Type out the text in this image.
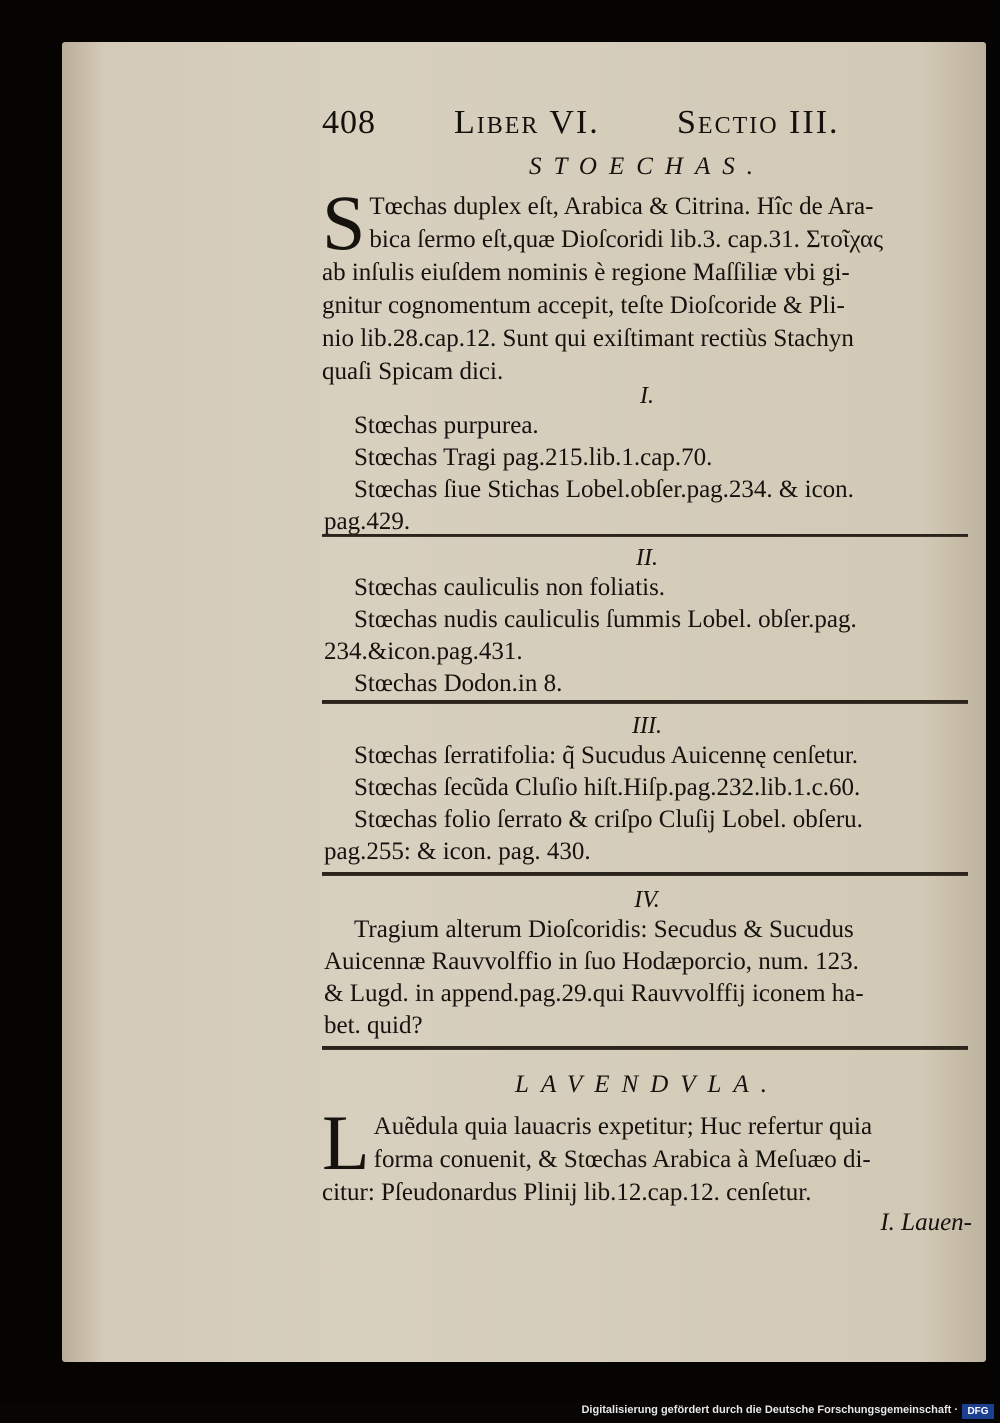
408 Liber VI. Sectio III.
STOECHAS.
S Tœchas duplex eſt, Arabica & Citrina. Hîc de Ara-
bica ſermo eſt,quæ Dioſcoridi lib.3. cap.31. Στοῖχας
ab inſulis eiuſdem nominis è regione Maſſiliæ vbi gi-
gnitur cognomentum accepit, teſte Dioſcoride & Pli-
nio lib.28.cap.12. Sunt qui exiſtimant rectiùs Stachyn
quaſi Spicam dici.
I.
Stœchas purpurea.
Stœchas Tragi pag.215.lib.1.cap.70.
Stœchas ſiue Stichas Lobel.obſer.pag.234. & icon.
pag.429.
II.
Stœchas cauliculis non foliatis.
Stœchas nudis cauliculis ſummis Lobel. obſer.pag.
234.&icon.pag.431.
Stœchas Dodon.in 8.
III.
Stœchas ſerratifolia: q̃ Sucudus Auicennę cenſetur.
Stœchas ſecũda Cluſio hiſt.Hiſp.pag.232.lib.1.c.60.
Stœchas folio ſerrato & criſpo Cluſij Lobel. obſeru.
pag.255: & icon. pag. 430.
IV.
Tragium alterum Dioſcoridis: Secudus & Sucudus
Auicennæ Rauvvolffio in ſuo Hodæporcio, num. 123.
& Lugd. in append.pag.29.qui Rauvvolffij iconem ha-
bet. quid?
LAVENDVLA.
L Auẽdula quia lauacris expetitur; Huc refertur quia
forma conuenit, & Stœchas Arabica à Meſuæo di-
citur: Pſeudonardus Plinij lib.12.cap.12. cenſetur.
I. Lauen-
Digitalisierung gefördert durch die Deutsche Forschungsgemeinschaft · DFG
